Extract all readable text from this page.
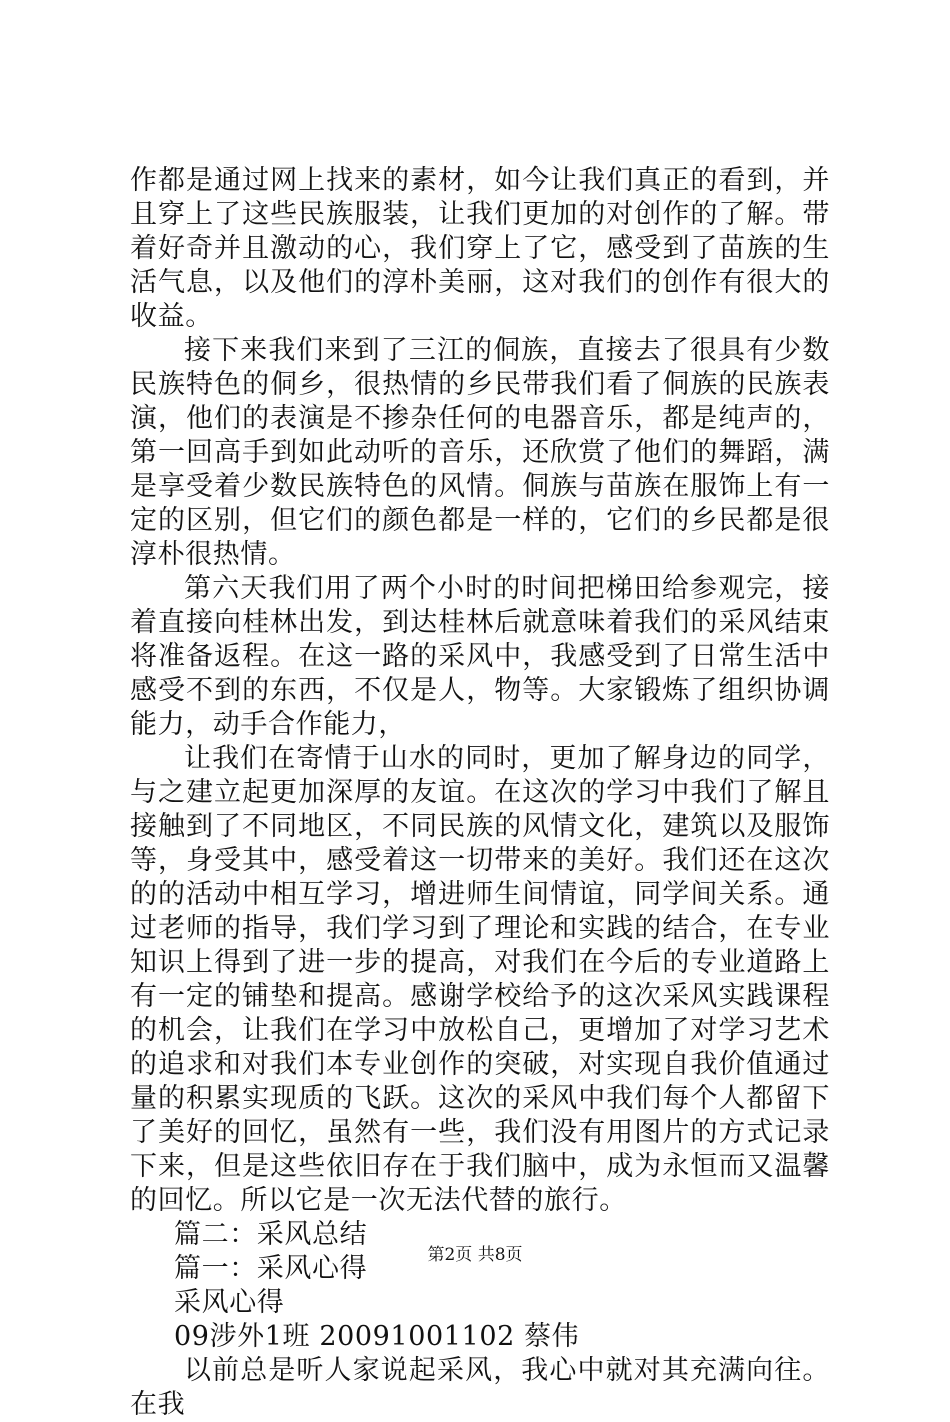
作都是通过网上找来的素材，如今让我们真正的看到，并且穿上了这些民族服装，让我们更加的对创作的了解。带着好奇并且激动的心，我们穿上了它，感受到了苗族的生活气息，以及他们的淳朴美丽，这对我们的创作有很大的收益。

接下来我们来到了三江的侗族，直接去了很具有少数民族特色的侗乡，很热情的乡民带我们看了侗族的民族表演，他们的表演是不掺杂任何的电器音乐，都是纯声的，第一回高手到如此动听的音乐，还欣赏了他们的舞蹈，满是享受着少数民族特色的风情。侗族与苗族在服饰上有一定的区别，但它们的颜色都是一样的，它们的乡民都是很淳朴很热情。

第六天我们用了两个小时的时间把梯田给参观完，接着直接向桂林出发，到达桂林后就意味着我们的采风结束将准备返程。在这一路的采风中，我感受到了日常生活中感受不到的东西，不仅是人，物等。大家锻炼了组织协调能力，动手合作能力，

让我们在寄情于山水的同时，更加了解身边的同学，与之建立起更加深厚的友谊。在这次的学习中我们了解且接触到了不同地区，不同民族的风情文化，建筑以及服饰等，身受其中，感受着这一切带来的美好。我们还在这次的的活动中相互学习，增进师生间情谊，同学间关系。通过老师的指导，我们学习到了理论和实践的结合，在专业知识上得到了进一步的提高，对我们在今后的专业道路上有一定的铺垫和提高。感谢学校给予的这次采风实践课程的机会，让我们在学习中放松自己，更增加了对学习艺术的追求和对我们本专业创作的突破，对实现自我价值通过量的积累实现质的飞跃。这次的采风中我们每个人都留下了美好的回忆，虽然有一些，我们没有用图片的方式记录下来，但是这些依旧存在于我们脑中，成为永恒而又温馨的回忆。所以它是一次无法代替的旅行。

篇二：采风总结

篇一：采风心得

采风心得

09涉外1班 20091001102 蔡伟

以前总是听人家说起采风，我心中就对其充满向往。在我

第2页 共8页
